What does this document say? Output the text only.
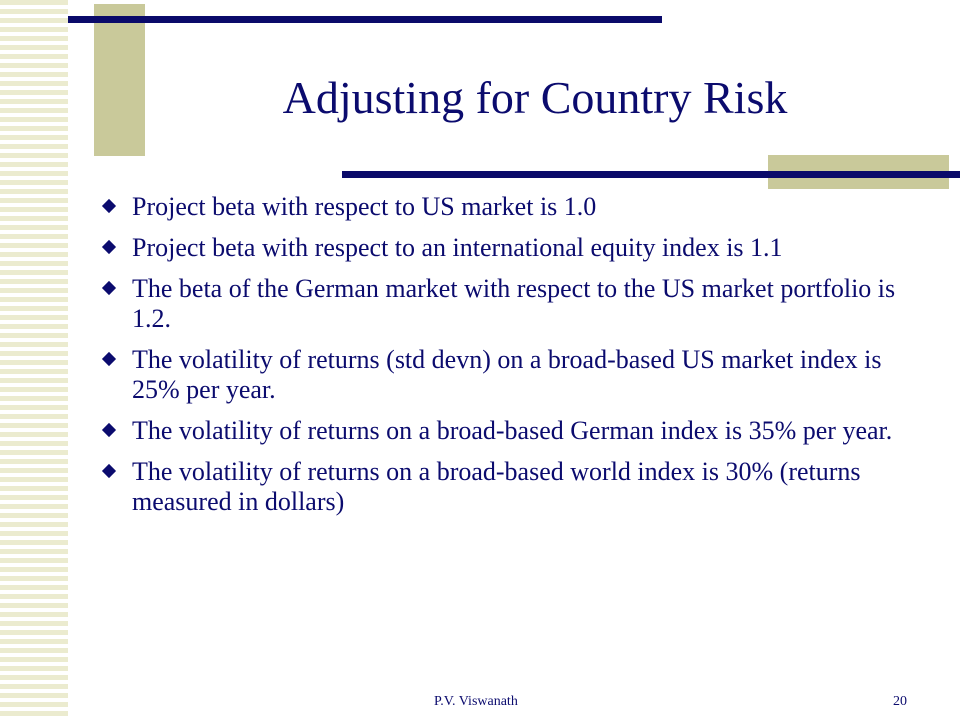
Adjusting for Country Risk
Project beta with respect to US market is 1.0
Project beta with respect to an international equity index is 1.1
The beta of the German market with respect to the US market portfolio is 1.2.
The volatility of returns (std devn) on a broad-based US market index is 25% per year.
The volatility of returns on a broad-based German index is 35% per year.
The volatility of returns on a broad-based world index is 30% (returns measured in dollars)
P.V. Viswanath	20
